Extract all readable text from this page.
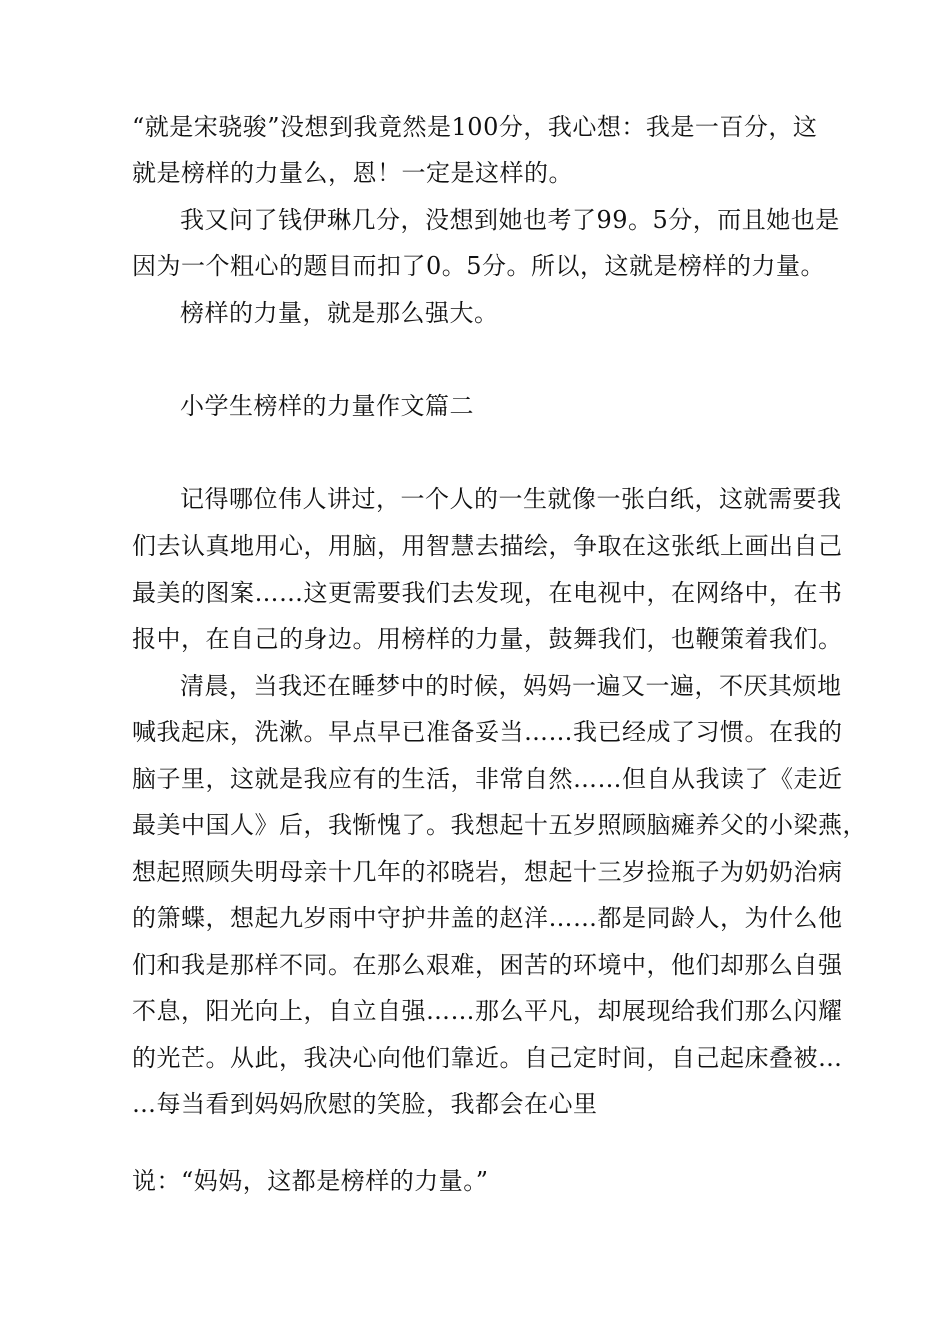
“就是宋骁骏”没想到我竟然是100分，我心想：我是一百分，这
就是榜样的力量么，恩！一定是这样的。
我又问了钱伊琳几分，没想到她也考了99。5分，而且她也是
因为一个粗心的题目而扣了0。5分。所以，这就是榜样的力量。
榜样的力量，就是那么强大。
小学生榜样的力量作文篇二
记得哪位伟人讲过，一个人的一生就像一张白纸，这就需要我
们去认真地用心，用脑，用智慧去描绘，争取在这张纸上画出自己
最美的图案……这更需要我们去发现，在电视中，在网络中，在书
报中，在自己的身边。用榜样的力量，鼓舞我们，也鞭策着我们。
清晨，当我还在睡梦中的时候，妈妈一遍又一遍，不厌其烦地
喊我起床，洗漱。早点早已准备妥当……我已经成了习惯。在我的
脑子里，这就是我应有的生活，非常自然……但自从我读了《走近
最美中国人》后，我惭愧了。我想起十五岁照顾脑瘫养父的小梁燕，
想起照顾失明母亲十几年的祁晓岩，想起十三岁捡瓶子为奶奶治病
的箫蝶，想起九岁雨中守护井盖的赵洋……都是同龄人，为什么他
们和我是那样不同。在那么艰难，困苦的环境中，他们却那么自强
不息，阳光向上，自立自强……那么平凡，却展现给我们那么闪耀
的光芒。从此，我决心向他们靠近。自己定时间，自己起床叠被…
…每当看到妈妈欣慰的笑脸，我都会在心里
说：“妈妈，这都是榜样的力量。”
